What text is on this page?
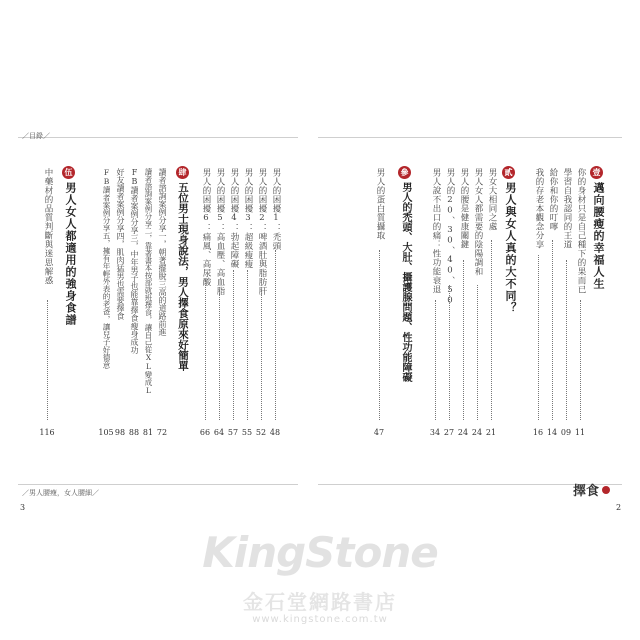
／目錄／
壹
邁向腰瘦的幸福人生
你的身材只是自己種下的果而已
11
學習自我認同的王道
09
給你和你的叮嚀
14
我的存老本觀念分享
16
貳
男人與女人真的大不同？
男女大相同之處
21
男人女人都需要的陰陽調和
24
男人的腰是健康關鍵
24
男人的20、30、40、50
27
男人說不出口的痛：性功能衰退
34
參
男人的禿頭、大肚、攝護腺問題、性功能障礙
男人的蛋白質攝取
47
男人的困擾1：禿頭
48
男人的困擾2：啤酒肚與脂肪肝
52
男人的困擾3：超級瘦瘦
55
男人的困擾4：勃起障礙
57
男人的困擾5：高血壓、高血脂
64
男人的困擾6：痛風、高尿酸
66
肆
五位男士現身說法，男人擇食原來好簡單
讀者諮詢案例分享一，朝著擺脫三高的道路前進
72
讀者諮詢案例分享二，靠著書本按部就班擇食，讓自己從XL變成L
81
FB讀者案例分享三，中年男子也能靠擇食瘦身成功
88
好友讀者案例分享四，肌肉猛男也需要擇食
98
FB讀者案例分享五，擁有年輕外表的老爸，讓兒子好德意
105
伍
男人女人都適用的強身食譜
中藥材的品質判斷與迷思解惑
116
／男人腰瘦，女人腰細／
3
擇食
2
KingStone
金石堂網路書店
www.kingstone.com.tw
